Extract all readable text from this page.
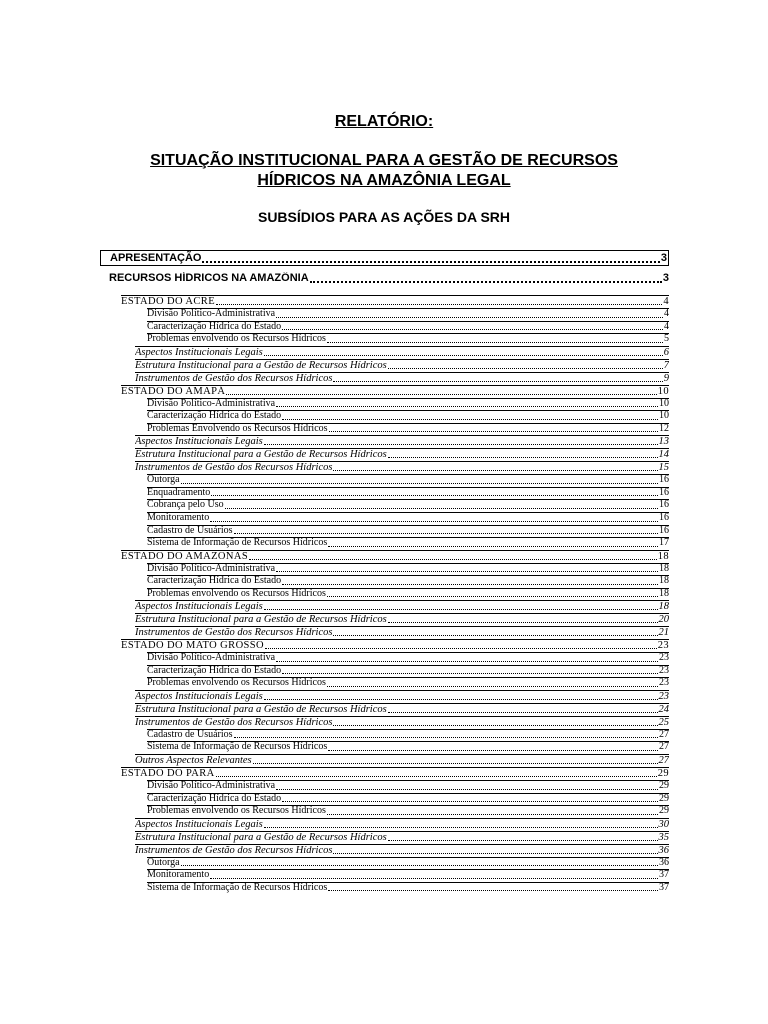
RELATÓRIO:
SITUAÇÃO INSTITUCIONAL PARA A GESTÃO DE RECURSOS HÍDRICOS NA AMAZÔNIA LEGAL
SUBSÍDIOS PARA AS AÇÕES DA SRH
APRESENTAÇÃO	3
RECURSOS HÍDRICOS NA AMAZÔNIA	3
ESTADO DO ACRE	4
Divisão Político-Administrativa	4
Caracterização Hídrica do Estado	4
Problemas envolvendo os Recursos Hídricos	5
Aspectos Institucionais Legais	6
Estrutura Institucional para a Gestão de Recursos Hídricos	7
Instrumentos de Gestão dos Recursos Hídricos	9
ESTADO DO AMAPÁ	10
Divisão Político-Administrativa	10
Caracterização Hídrica do Estado	10
Problemas Envolvendo os Recursos Hídricos	12
Aspectos Institucionais Legais	13
Estrutura Institucional para a Gestão de Recursos Hídricos	14
Instrumentos de Gestão dos Recursos Hídricos	15
Outorga	16
Enquadramento	16
Cobrança pelo Uso	16
Monitoramento	16
Cadastro de Usuários	16
Sistema de Informação de Recursos Hídricos	17
ESTADO DO AMAZONAS	18
Divisão Político-Administrativa	18
Caracterização Hídrica do Estado	18
Problemas envolvendo os Recursos Hídricos	18
Aspectos Institucionais Legais	18
Estrutura Institucional para a Gestão de Recursos Hídricos	20
Instrumentos de Gestão dos Recursos Hídricos	21
ESTADO DO MATO GROSSO	23
Divisão Político-Administrativa	23
Caracterização Hídrica do Estado	23
Problemas envolvendo os Recursos Hídricos	23
Aspectos Institucionais Legais	23
Estrutura Institucional para a Gestão de Recursos Hídricos	24
Instrumentos de Gestão dos Recursos Hídricos	25
Cadastro de Usuários	27
Sistema de Informação de Recursos Hídricos	27
Outros Aspectos Relevantes	27
ESTADO DO PARÁ	29
Divisão Político-Administrativa	29
Caracterização Hídrica do Estado	29
Problemas envolvendo os Recursos Hídricos	29
Aspectos Institucionais Legais	30
Estrutura Institucional para a Gestão de Recursos Hídricos	35
Instrumentos de Gestão dos Recursos Hídricos	36
Outorga	36
Monitoramento	37
Sistema de Informação de Recursos Hídricos	37
